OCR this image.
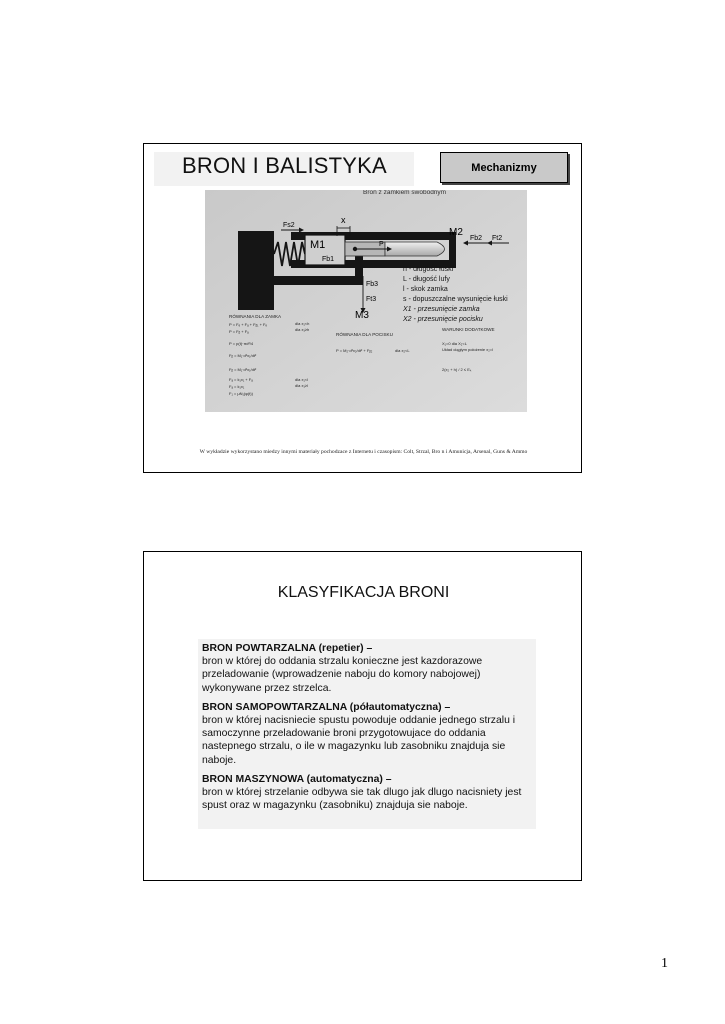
BRON I BALISTYKA	Mechanizmy
Broń z zamkiem swobodnym
M1
Fb1
P
x
Fs2
M2
Fb2 Ft2
Fb3
Ft3
M3
h - długość łuski
L - długość lufy
l - skok zamka
s - dopuszczalne wysunięcie łuski
X1 - przesunięcie zamka
X2 - przesunięcie pocisku
RÓWNANIA DLA ZAMKA
P = Fₑ + Fₐ + Fᵦ₁ + Fₑ
P = Fᵦ + Fₐ
P = p(t)·πd²/4
Fᵦ = M₁·d²x₁/dt²
Fᵦ = M₁·d²x₁/dt²
Fₐ = k₁x₁ + Fₐ
Fₐ = k₁x₁
F₁ = μN₁(φ(t))
dla x₁<h
dla x₁≥h
dla x₁<l
dla x₁≥l
RÓWNANIA DLA POCISKU
P = M₂·d²x₂/dt² + Fᵦ₂	dla x₂<L
WARUNKI DODATKOWE
X₁=0 dla X₂<L
Układ ciągłym położenie x₂=l
2(x₂ + h) / 2 ≤ Eₖ
W wykładzie wykorzystano miedzy innymi materiały pochodzace z Internetu i czasopism: Colt, Strzal, Bro n i Amunicja, Arsenal, Guns & Ammo
KLASYFIKACJA BRONI

BRON POWTARZALNA (repetier) –
bron w której do oddania strzalu konieczne jest kazdorazowe przeladowanie (wprowadzenie naboju do komory nabojowej) wykonywane przez strzelca.

BRON SAMOPOWTARZALNA (półautomatyczna) –
bron w której nacisniecie spustu powoduje oddanie jednego strzalu i samoczynne przeladowanie broni przygotowujace do oddania nastepnego strzalu, o ile w magazynku lub zasobniku znajduja sie naboje.

BRON MASZYNOWA (automatyczna) –
bron w której strzelanie odbywa sie tak dlugo jak dlugo nacisniety jest spust oraz w magazynku (zasobniku) znajduja sie naboje.

1
